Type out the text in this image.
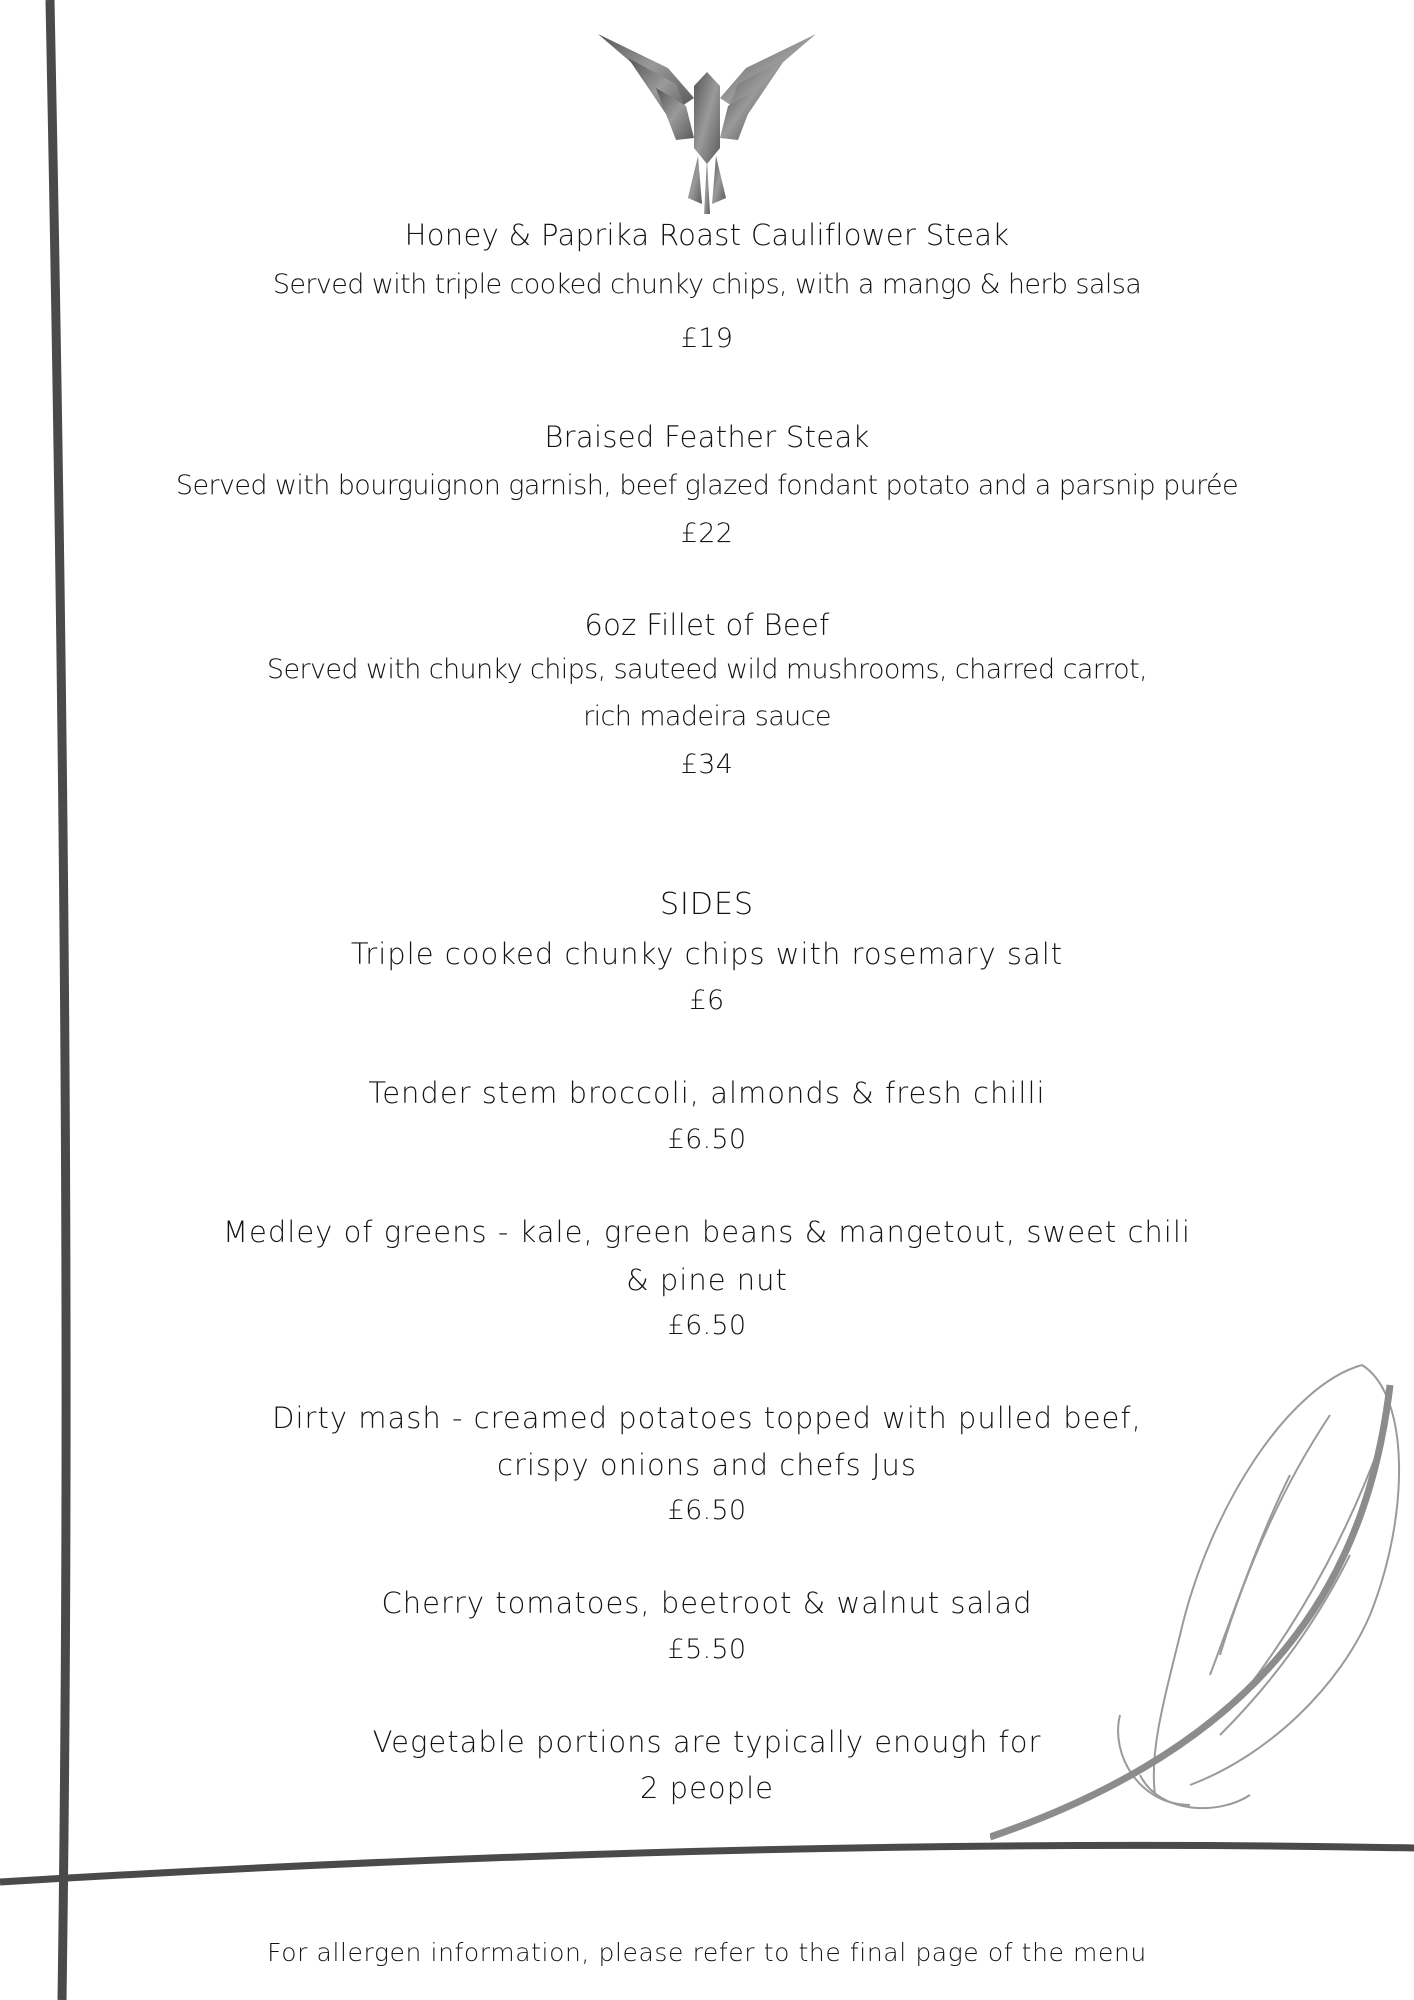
Honey & Paprika Roast Cauliflower Steak
Served with triple cooked chunky chips, with a mango & herb salsa
£19
Braised Feather Steak
Served with bourguignon garnish, beef glazed fondant potato and a parsnip purée
£22
6oz Fillet of Beef
Served with chunky chips, sauteed wild mushrooms, charred carrot,
rich madeira sauce
£34
SIDES
Triple cooked chunky chips with rosemary salt
£6
Tender stem broccoli, almonds & fresh chilli
£6.50
Medley of greens - kale, green beans & mangetout, sweet chili
& pine nut
£6.50
Dirty mash - creamed potatoes topped with pulled beef,
crispy onions and chefs Jus
£6.50
Cherry tomatoes, beetroot & walnut salad
£5.50
Vegetable portions are typically enough for
2 people
For allergen information, please refer to the final page of the menu
